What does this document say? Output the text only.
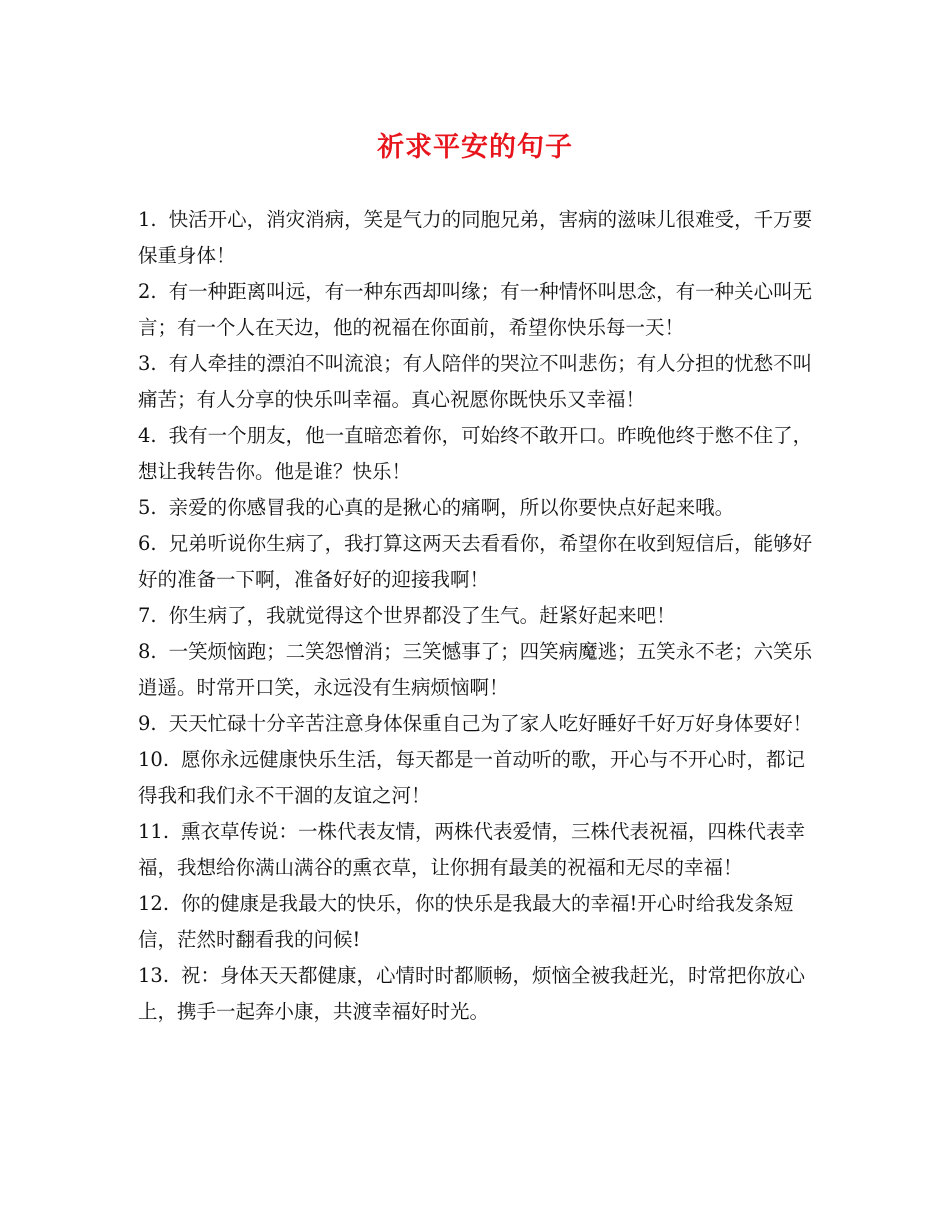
祈求平安的句子

1. 快活开心，消灾消病，笑是气力的同胞兄弟，害病的滋味儿很难受，千万要保重身体！

2. 有一种距离叫远，有一种东西却叫缘；有一种情怀叫思念，有一种关心叫无言；有一个人在天边，他的祝福在你面前，希望你快乐每一天！

3. 有人牵挂的漂泊不叫流浪；有人陪伴的哭泣不叫悲伤；有人分担的忧愁不叫痛苦；有人分享的快乐叫幸福。真心祝愿你既快乐又幸福！

4. 我有一个朋友，他一直暗恋着你，可始终不敢开口。昨晚他终于憋不住了，想让我转告你。他是谁？快乐！

5. 亲爱的你感冒我的心真的是揪心的痛啊，所以你要快点好起来哦。

6. 兄弟听说你生病了，我打算这两天去看看你，希望你在收到短信后，能够好好的准备一下啊，准备好好的迎接我啊！

7. 你生病了，我就觉得这个世界都没了生气。赶紧好起来吧！

8. 一笑烦恼跑；二笑怨憎消；三笑憾事了；四笑病魔逃；五笑永不老；六笑乐逍遥。时常开口笑，永远没有生病烦恼啊！

9. 天天忙碌十分辛苦注意身体保重自己为了家人吃好睡好千好万好身体要好！

10. 愿你永远健康快乐生活，每天都是一首动听的歌，开心与不开心时，都记得我和我们永不干涸的友谊之河！

11. 熏衣草传说：一株代表友情，两株代表爱情，三株代表祝福，四株代表幸福，我想给你满山满谷的熏衣草，让你拥有最美的祝福和无尽的幸福！

12. 你的健康是我最大的快乐，你的快乐是我最大的幸福!开心时给我发条短信，茫然时翻看我的问候!

13. 祝：身体天天都健康，心情时时都顺畅，烦恼全被我赶光，时常把你放心上，携手一起奔小康，共渡幸福好时光。
